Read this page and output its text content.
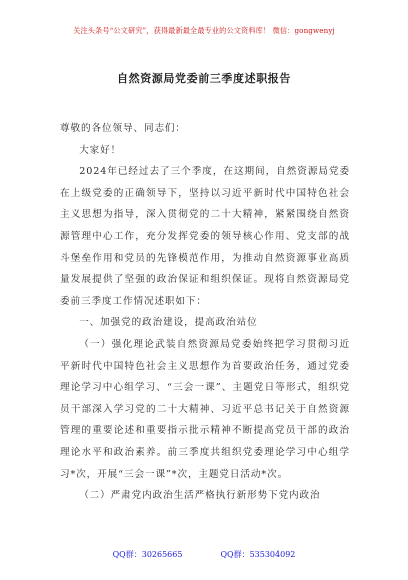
关注头条号“公文研究”，获得最新最全最专业的公文资料库！ 微信：gongwenyj
自然资源局党委前三季度述职报告

尊敬的各位领导、同志们：

大家好！

2024年已经过去了三个季度，在这期间，自然资源局党委在上级党委的正确领导下，坚持以习近平新时代中国特色社会主义思想为指导，深入贯彻党的二十大精神，紧紧围绕自然资源管理中心工作，充分发挥党委的领导核心作用、党支部的战斗堡垒作用和党员的先锋模范作用，为推动自然资源事业高质量发展提供了坚强的政治保证和组织保证。现将自然资源局党委前三季度工作情况述职如下：

一、加强党的政治建设，提高政治站位

（一）强化理论武装自然资源局党委始终把学习贯彻习近平新时代中国特色社会主义思想作为首要政治任务，通过党委理论学习中心组学习、“三会一课”、主题党日等形式，组织党员干部深入学习党的二十大精神、习近平总书记关于自然资源管理的重要论述和重要指示批示精神不断提高党员干部的政治理论水平和政治素养。前三季度共组织党委理论学习中心组学习*次，开展“三会一课”*次，主题党日活动*次。

（二）严肃党内政治生活严格执行新形势下党内政治

QQ群：30265665	QQ群：535304092
